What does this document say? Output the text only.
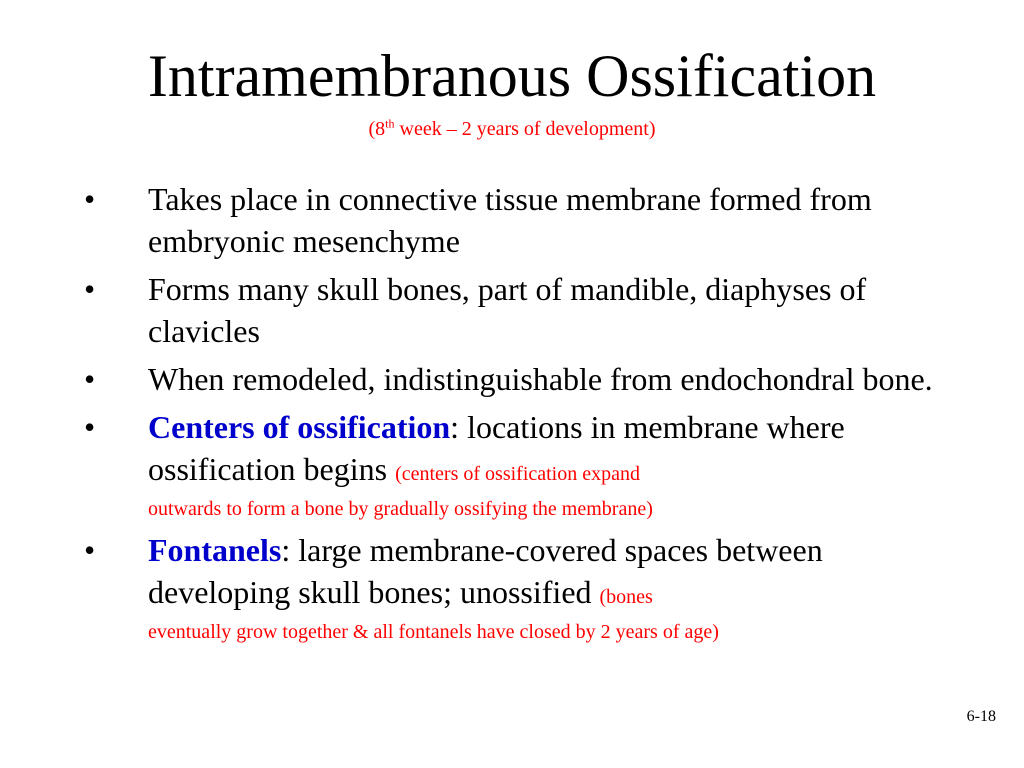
Intramembranous Ossification
(8th week – 2 years of development)
• Takes place in connective tissue membrane formed from embryonic mesenchyme
• Forms many skull bones, part of mandible, diaphyses of clavicles
• When remodeled, indistinguishable from endochondral bone.
• Centers of ossification: locations in membrane where ossification begins (centers of ossification expand
outwards to form a bone by gradually ossifying the membrane)
• Fontanels: large membrane-covered spaces between developing skull bones; unossified (bones
eventually grow together & all fontanels have closed by 2 years of age)
6-18
